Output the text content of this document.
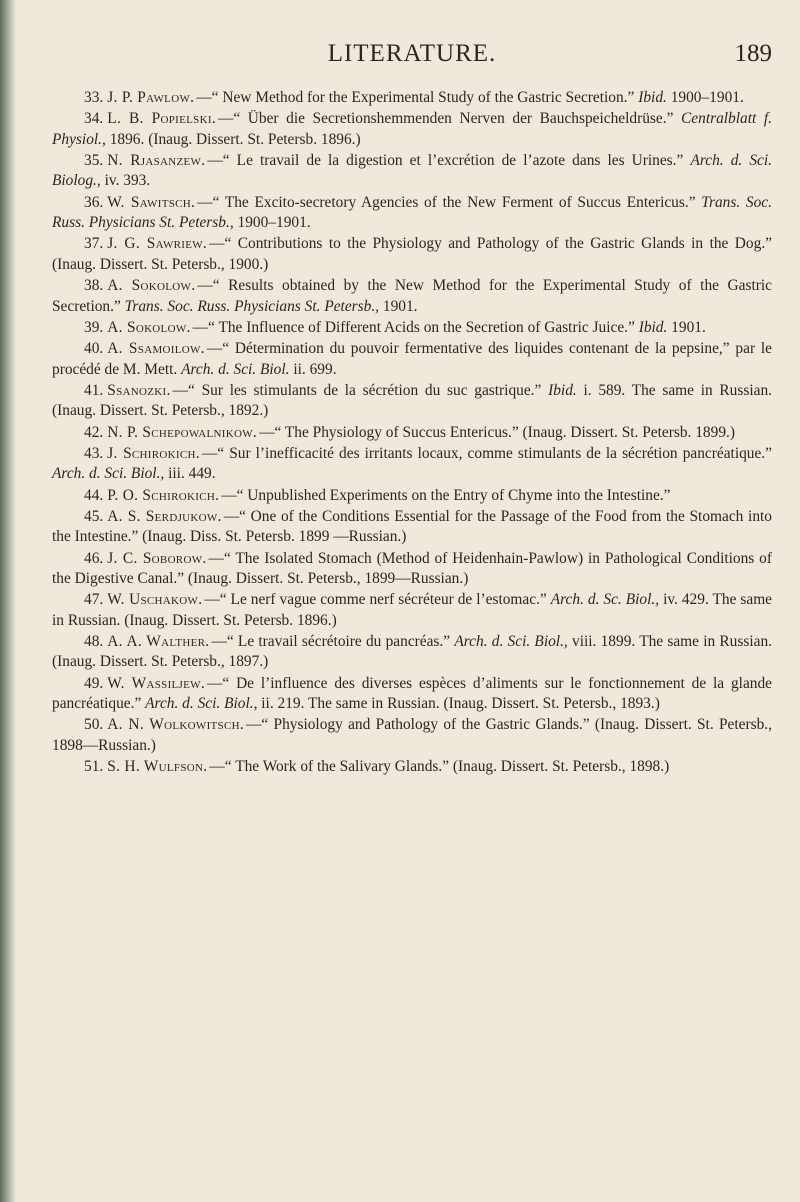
LITERATURE.	189

33. J. P. Pawlow. —“ New Method for the Experimental Study of the Gastric Secretion.” Ibid. 1900–1901.

34. L. B. Popielski. —“ Über die Secretionshemmenden Nerven der Bauchspeicheldrüse.” Centralblatt f. Physiol., 1896. (Inaug. Dissert. St. Petersb. 1896.)

35. N. Rjasanzew. —“ Le travail de la digestion et l’excrétion de l’azote dans les Urines.” Arch. d. Sci. Biolog., iv. 393.

36. W. Sawitsch. —“ The Excito-secretory Agencies of the New Ferment of Succus Entericus.” Trans. Soc. Russ. Physicians St. Petersb., 1900–1901.

37. J. G. Sawriew. —“ Contributions to the Physiology and Pathology of the Gastric Glands in the Dog.” (Inaug. Dissert. St. Petersb., 1900.)

38. A. Sokolow. —“ Results obtained by the New Method for the Experimental Study of the Gastric Secretion.” Trans. Soc. Russ. Physicians St. Petersb., 1901.

39. A. Sokolow. —“ The Influence of Different Acids on the Secretion of Gastric Juice.” Ibid. 1901.

40. A. Ssamoilow. —“ Détermination du pouvoir fermentative des liquides contenant de la pepsine,” par le procédé de M. Mett. Arch. d. Sci. Biol. ii. 699.

41. Ssanozki. —“ Sur les stimulants de la sécrétion du suc gastrique.” Ibid. i. 589. The same in Russian. (Inaug. Dissert. St. Petersb., 1892.)

42. N. P. Schepowalnikow. —“ The Physiology of Succus Entericus.” (Inaug. Dissert. St. Petersb. 1899.)

43. J. Schirokich. —“ Sur l’inefficacité des irritants locaux, comme stimulants de la sécrétion pancréatique.” Arch. d. Sci. Biol., iii. 449.

44. P. O. Schirokich. —“ Unpublished Experiments on the Entry of Chyme into the Intestine.”

45. A. S. Serdjukow. —“ One of the Conditions Essential for the Passage of the Food from the Stomach into the Intestine.” (Inaug. Diss. St. Petersb. 1899 —Russian.)

46. J. C. Soborow. —“ The Isolated Stomach (Method of Heidenhain-Pawlow) in Pathological Conditions of the Digestive Canal.” (Inaug. Dissert. St. Petersb., 1899—Russian.)

47. W. Uschakow. —“ Le nerf vague comme nerf sécréteur de l’estomac.” Arch. d. Sc. Biol., iv. 429. The same in Russian. (Inaug. Dissert. St. Petersb. 1896.)

48. A. A. Walther. —“ Le travail sécrétoire du pancréas.” Arch. d. Sci. Biol., viii. 1899. The same in Russian. (Inaug. Dissert. St. Petersb., 1897.)

49. W. Wassiljew. —“ De l’influence des diverses espèces d’aliments sur le fonctionnement de la glande pancréatique.” Arch. d. Sci. Biol., ii. 219. The same in Russian. (Inaug. Dissert. St. Petersb., 1893.)

50. A. N. Wolkowitsch. —“ Physiology and Pathology of the Gastric Glands.” (Inaug. Dissert. St. Petersb., 1898—Russian.)

51. S. H. Wulfson. —“ The Work of the Salivary Glands.” (Inaug. Dissert. St. Petersb., 1898.)
